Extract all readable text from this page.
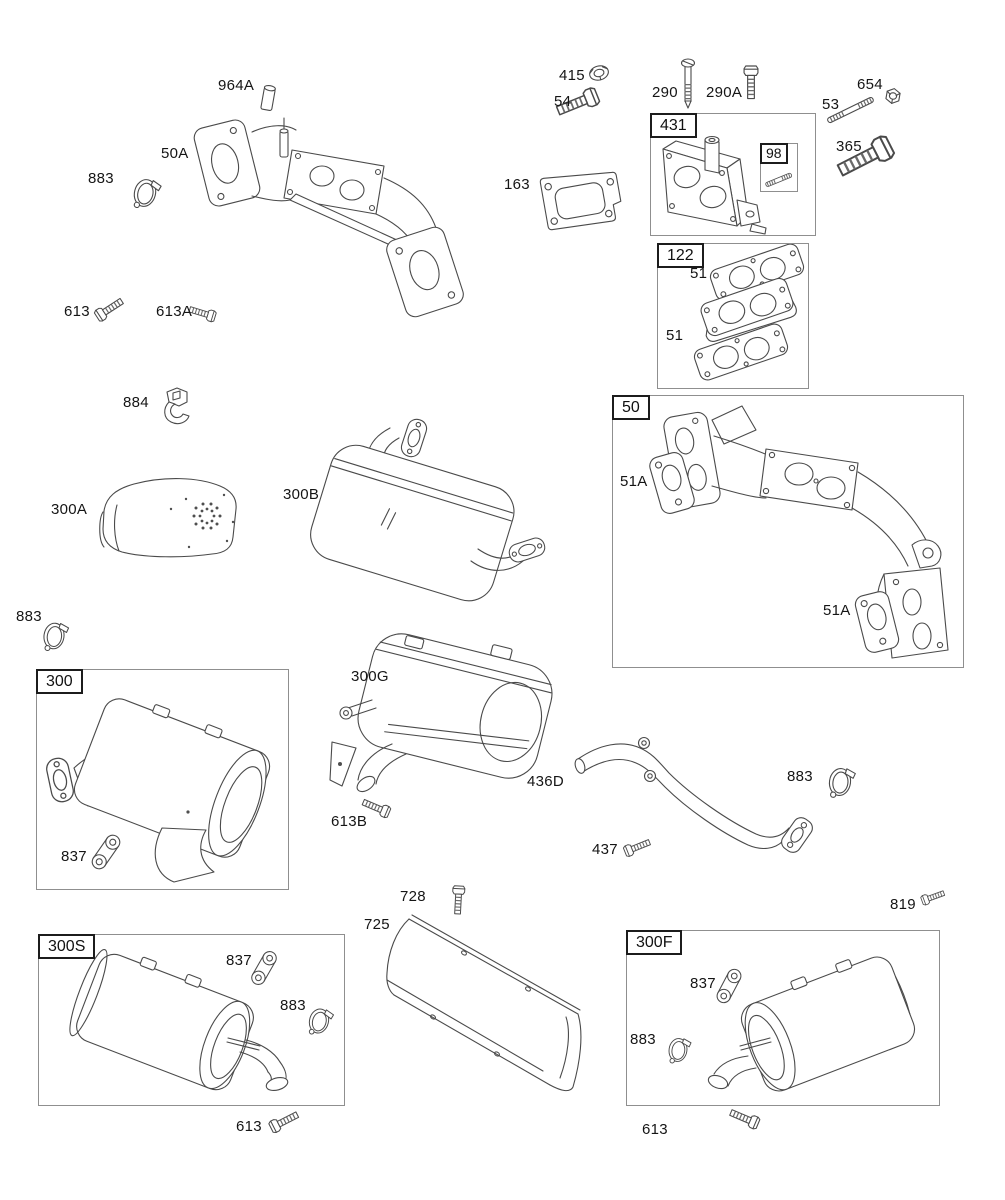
431
98
122
50
300
300S	300F
964A
50A
883
613	613A
415
54
163
290 290A	654
53
365
884
300A
300B
883
300G
613B
436D	883
437
728
725
819
613	613
51
51
51A
51A
837
837
883
837
883
